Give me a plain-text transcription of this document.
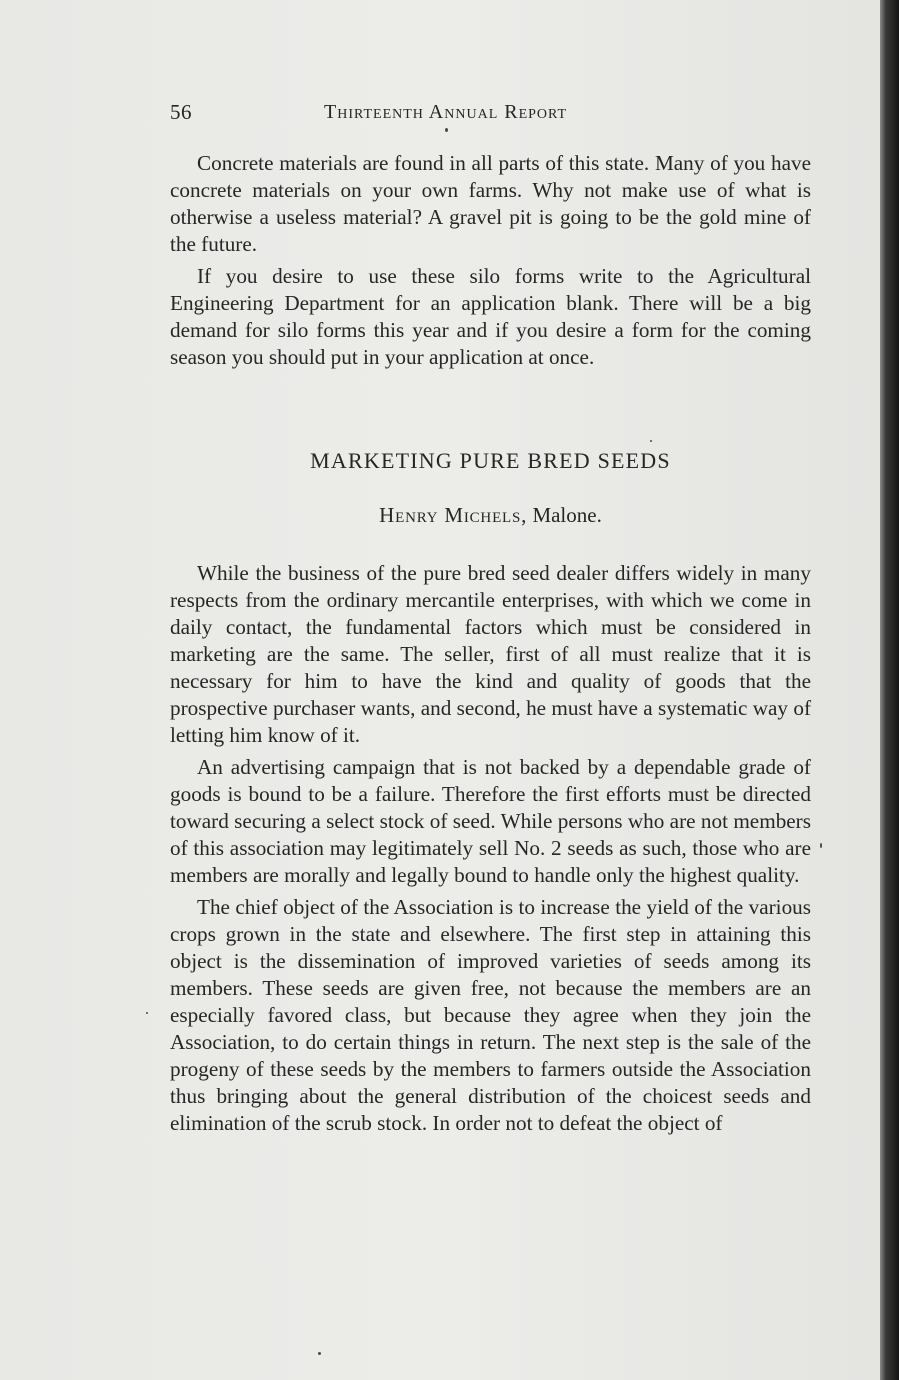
56	Thirteenth Annual Report

Concrete materials are found in all parts of this state. Many of you have concrete materials on your own farms. Why not make use of what is otherwise a useless material? A gravel pit is going to be the gold mine of the future.

If you desire to use these silo forms write to the Agricultural Engineering Department for an application blank. There will be a big demand for silo forms this year and if you desire a form for the coming season you should put in your application at once.

MARKETING PURE BRED SEEDS
Henry Michels, Malone.

While the business of the pure bred seed dealer differs widely in many respects from the ordinary mercantile enterprises, with which we come in daily contact, the fundamental factors which must be considered in marketing are the same. The seller, first of all must realize that it is necessary for him to have the kind and quality of goods that the prospective purchaser wants, and second, he must have a systematic way of letting him know of it.

An advertising campaign that is not backed by a dependable grade of goods is bound to be a failure. Therefore the first efforts must be directed toward securing a select stock of seed. While persons who are not members of this association may legitimately sell No. 2 seeds as such, those who are members are morally and legally bound to handle only the highest quality.

The chief object of the Association is to increase the yield of the various crops grown in the state and elsewhere. The first step in attaining this object is the dissemination of improved varieties of seeds among its members. These seeds are given free, not because the members are an especially favored class, but because they agree when they join the Association, to do certain things in return. The next step is the sale of the progeny of these seeds by the members to farmers outside the Association thus bringing about the general distribution of the choicest seeds and elimination of the scrub stock. In order not to defeat the object of
